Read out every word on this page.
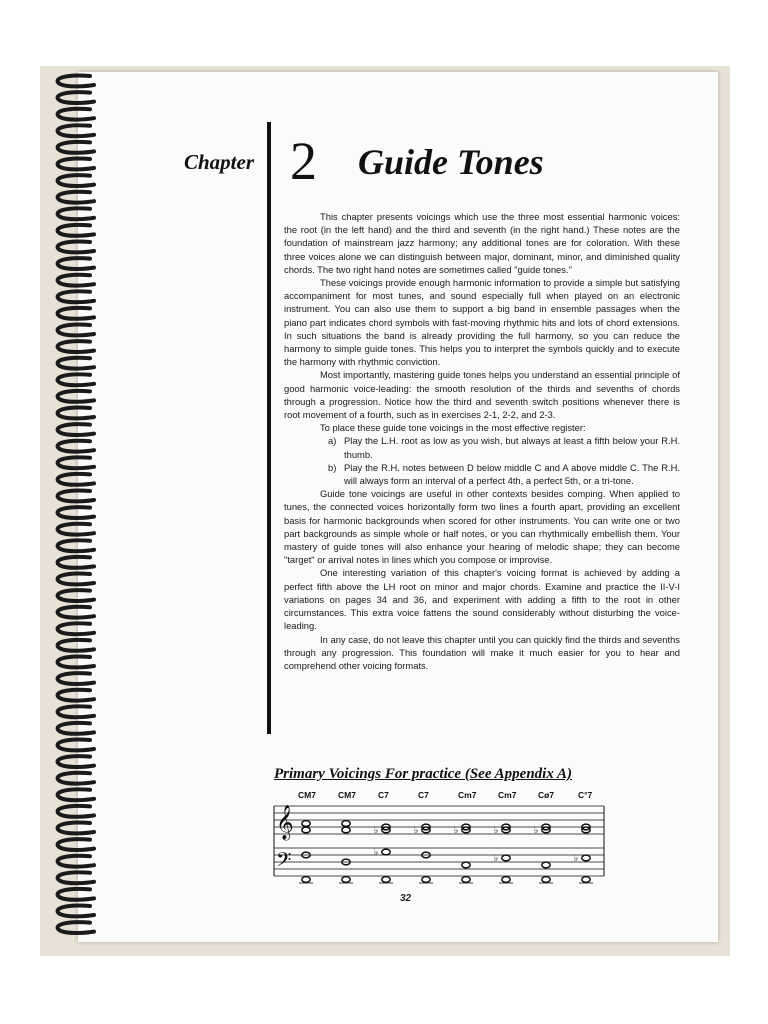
Chapter 2 Guide Tones

This chapter presents voicings which use the three most essential harmonic voices: the root (in the left hand) and the third and seventh (in the right hand.) These notes are the foundation of mainstream jazz harmony; any additional tones are for coloration. With these three voices alone we can distinguish between major, dominant, minor, and diminished quality chords. The two right hand notes are sometimes called "guide tones."

These voicings provide enough harmonic information to provide a simple but satisfying accompaniment for most tunes, and sound especially full when played on an electronic instrument. You can also use them to support a big band in ensemble passages when the piano part indicates chord symbols with fast-moving rhythmic hits and lots of chord extensions. In such situations the band is already providing the full harmony, so you can reduce the harmony to simple guide tones. This helps you to interpret the symbols quickly and to execute the harmony with rhythmic conviction.

Most importantly, mastering guide tones helps you understand an essential principle of good harmonic voice-leading: the smooth resolution of the thirds and sevenths of chords through a progression. Notice how the third and seventh switch positions whenever there is root movement of a fourth, such as in exercises 2-1, 2-2, and 2-3.

To place these guide tone voicings in the most effective register:

a) Play the L.H. root as low as you wish, but always at least a fifth below your R.H. thumb.
b) Play the R.H. notes between D below middle C and A above middle C. The R.H. will always form an interval of a perfect 4th, a perfect 5th, or a tri-tone.

Guide tone voicings are useful in other contexts besides comping. When applied to tunes, the connected voices horizontally form two lines a fourth apart, providing an excellent basis for harmonic backgrounds when scored for other instruments. You can write one or two part backgrounds as simple whole or half notes, or you can rhythmically embellish them. Your mastery of guide tones will also enhance your hearing of melodic shape; they can become "target" or arrival notes in lines which you compose or improvise.

One interesting variation of this chapter's voicing format is achieved by adding a perfect fifth above the LH root on minor and major chords. Examine and practice the II-V-I variations on pages 34 and 36, and experiment with adding a fifth to the root in other circumstances. This extra voice fattens the sound considerably without disturbing the voice-leading.

In any case, do not leave this chapter until you can quickly find the thirds and sevenths through any progression. This foundation will make it much easier for you to hear and comprehend other voicing formats.

Primary Voicings For practice (See Appendix A)
𝄞
𝄢
CM7	CM7	C7
♭
♭
C7
♭
Cm7
♭
Cm7
♭
♭
Cø7
♭
C°7
♭
32
